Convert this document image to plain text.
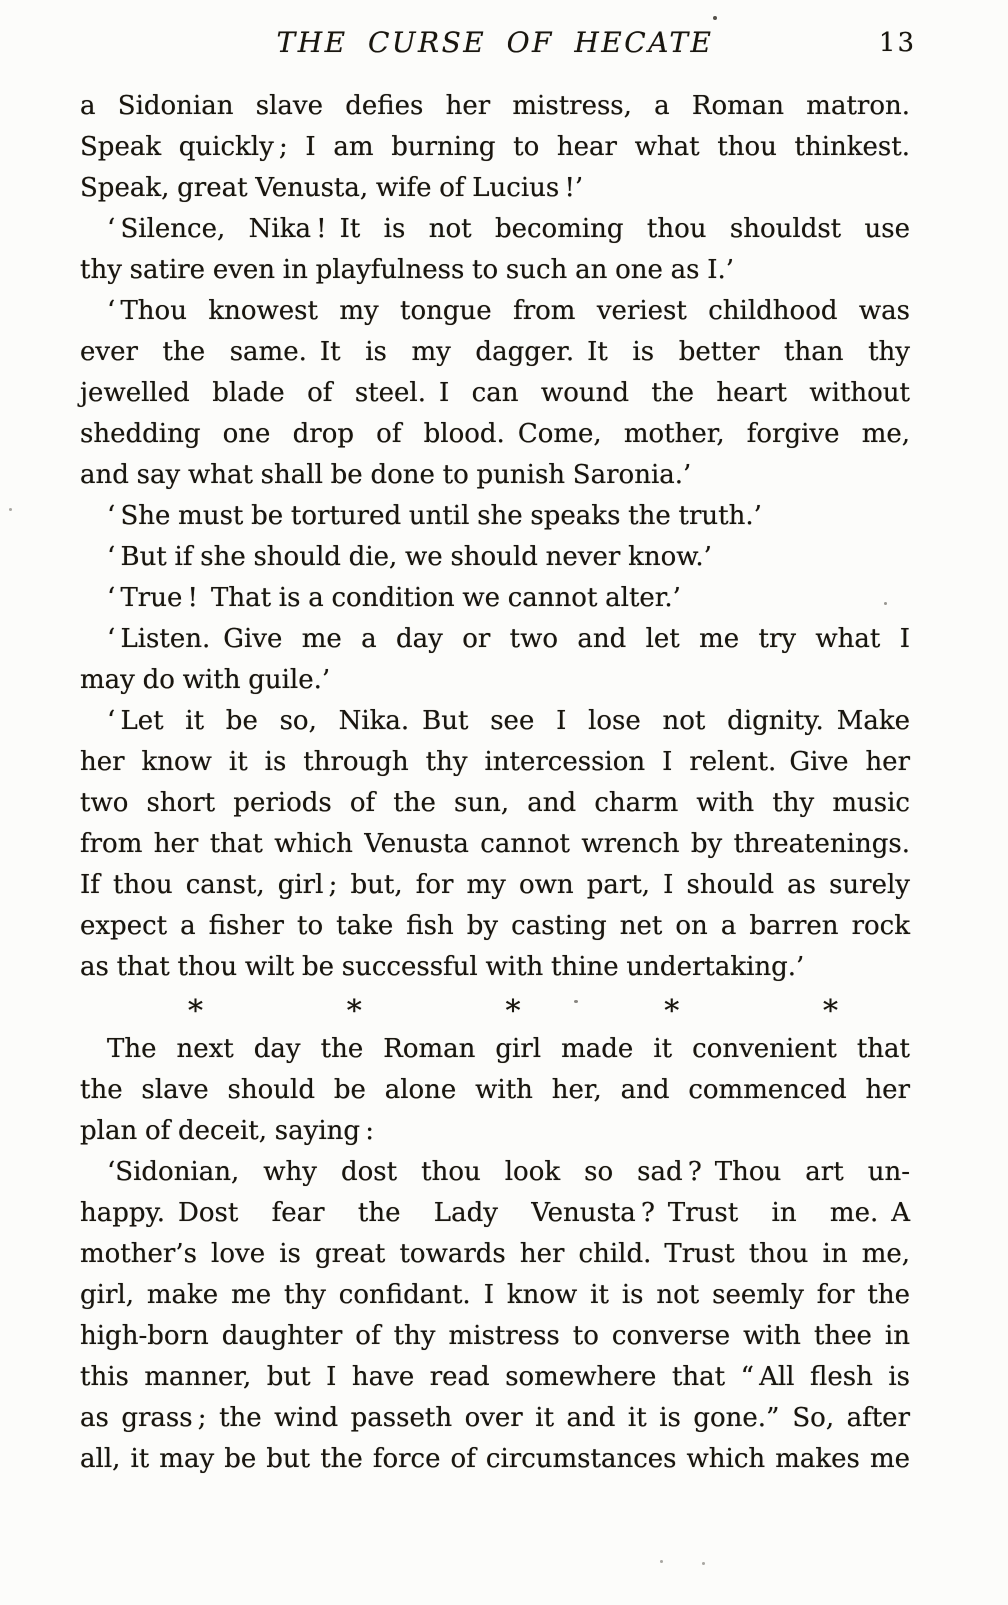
THE CURSE OF HECATE	13
a Sidonian slave defies her mistress, a Roman matron.
Speak quickly ; I am burning to hear what thou thinkest.
Speak, great Venusta, wife of Lucius !’
‘ Silence, Nika ! It is not becoming thou shouldst use
thy satire even in playfulness to such an one as I.’
‘ Thou knowest my tongue from veriest childhood was
ever the same. It is my dagger. It is better than thy
jewelled blade of steel. I can wound the heart without
shedding one drop of blood. Come, mother, forgive me,
and say what shall be done to punish Saronia.’
‘ She must be tortured until she speaks the truth.’
‘ But if she should die, we should never know.’
‘ True ! That is a condition we cannot alter.’
‘ Listen. Give me a day or two and let me try what I
may do with guile.’
‘ Let it be so, Nika. But see I lose not dignity. Make
her know it is through thy intercession I relent. Give her
two short periods of the sun, and charm with thy music
from her that which Venusta cannot wrench by threatenings.
If thou canst, girl ; but, for my own part, I should as surely
expect a fisher to take fish by casting net on a barren rock
as that thou wilt be successful with thine undertaking.’
*	*	*	*	*
The next day the Roman girl made it convenient that
the slave should be alone with her, and commenced her
plan of deceit, saying :
‘Sidonian, why dost thou look so sad ? Thou art un-
happy. Dost fear the Lady Venusta ? Trust in me. A
mother’s love is great towards her child. Trust thou in me,
girl, make me thy confidant. I know it is not seemly for the
high-born daughter of thy mistress to converse with thee in
this manner, but I have read somewhere that “ All flesh is
as grass ; the wind passeth over it and it is gone.” So, after
all, it may be but the force of circumstances which makes me
